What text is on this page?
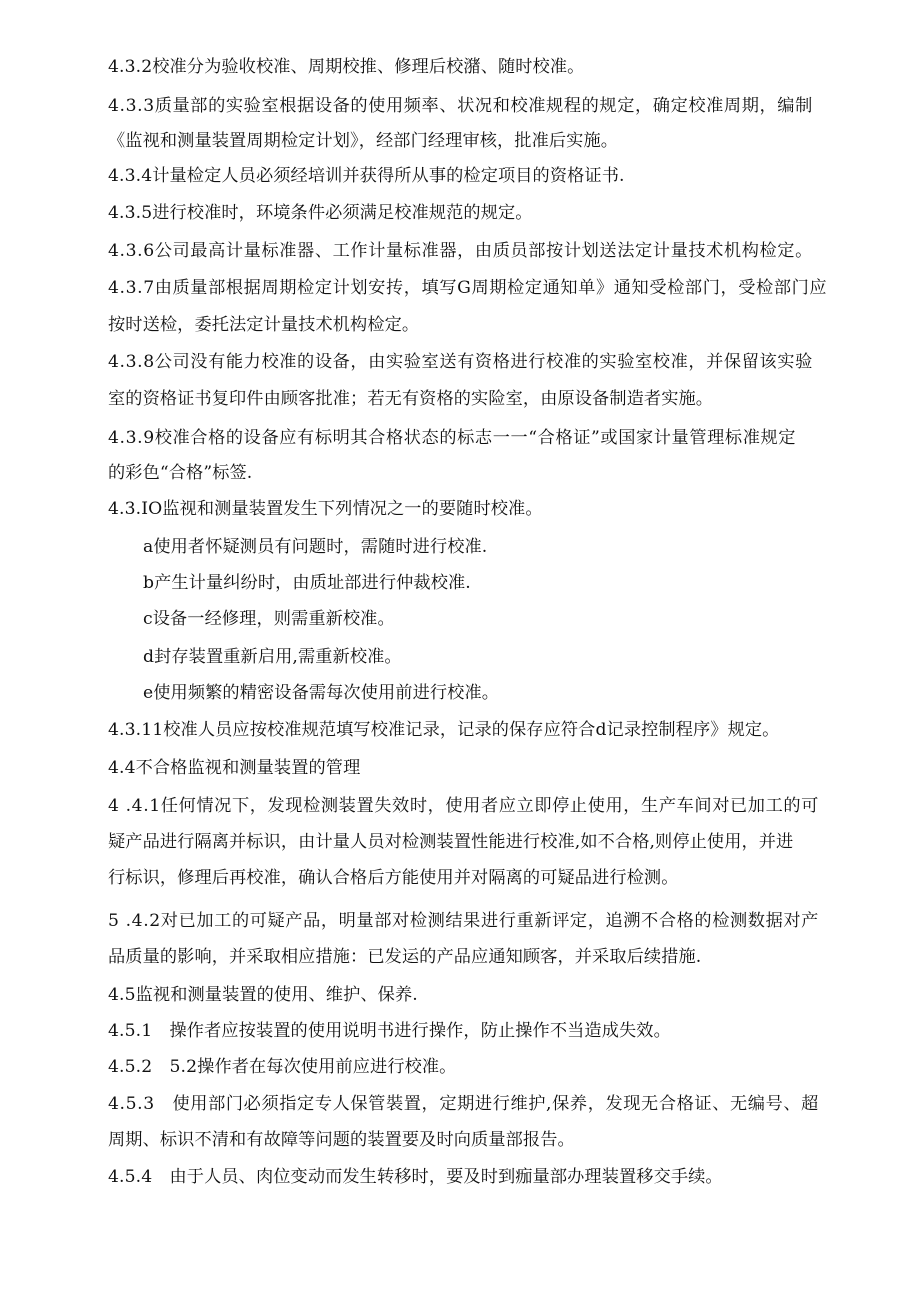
4.3.2校准分为验收校准、周期校推、修理后校潴、随时校准。
4.3.3质量部的实验室根据设备的使用频率、状况和校准规程的规定，确定校准周期，编制
《监视和测量装置周期检定计划》，经部门经理审核，批准后实施。
4.3.4计量检定人员必须经培训并获得所从事的检定项目的资格证书.
4.3.5进行校准时，环境条件必须满足校准规范的规定。
4.3.6公司最高计量标准器、工作计量标准器，由质员部按计划送法定计量技术机构检定。
4.3.7由质量部根据周期检定计划安抟，填写G周期检定通知单》通知受检部门，受检部门应
按时送检，委托法定计量技术机构检定。
4.3.8公司没有能力校准的设备，由实验室送有资格进行校准的实验室校准，并保留该实验
室的资格证书复印件由顾客批准；若无有资格的实险室，由原设备制造者实施。
4.3.9校准合格的设备应有标明其合格状态的标志一一“合格证”或国家计量管理标准规定
的彩色“合格”标签.
4.3.IO监视和测量装置发生下列情况之一的要随时校准。
a使用者怀疑测员有问题时，需随时进行校准.
b产生计量纠纷时，由质址部进行仲裁校准.
c设备一经修理，则需重新校准。
d封存装置重新启用,需重新校准。
e使用频繁的精密设备需每次使用前进行校准。
4.3.11校准人员应按校准规范填写校准记录，记录的保存应符合d记录控制程序》规定。
4.4不合格监视和测量装置的管理
4 .4.1任何情况下，发现检测装置失效时，使用者应立即停止使用，生产车间对已加工的可
疑产品进行隔离并标识，由计量人员对检测装置性能进行校准,如不合格,则停止使用，并进
行标识，修理后再校准，确认合格后方能使用并对隔离的可疑品进行检测。
5 .4.2对已加工的可疑产品，明量部对检测结果进行重新评定，追溯不合格的检测数据对产
品质量的影响，并采取相应措施：已发运的产品应通知顾客，并采取后续措施.
4.5监视和测量装置的使用、维护、保养.
4.5.1　操作者应按装置的使用说明书进行操作，防止操作不当造成失效。
4.5.2　5.2操作者在每次使用前应进行校准。
4.5.3　使用部门必须指定专人保管裝置，定期进行维护,保养，发现无合格证、无编号、超
周期、标识不清和有故障等问题的装置要及时向质量部报告。
4.5.4　由于人员、肉位变动而发生转移时，要及时到痂量部办理装置移交手续。
